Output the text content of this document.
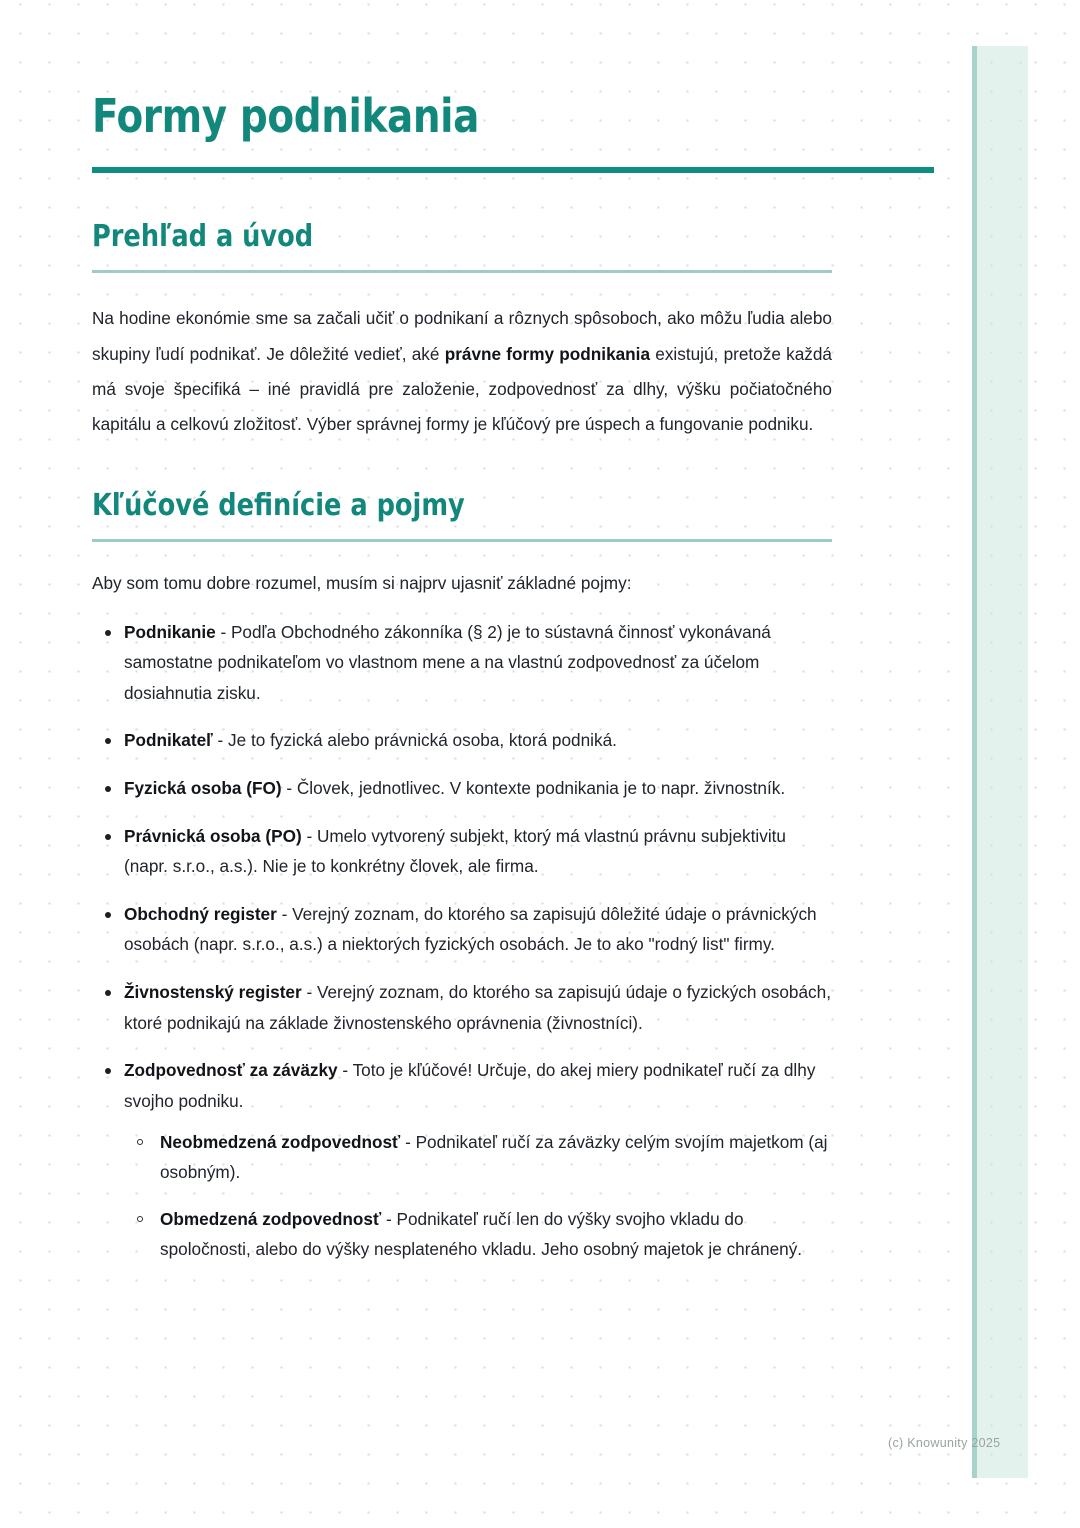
Formy podnikania
Prehľad a úvod

Na hodine ekonómie sme sa začali učiť o podnikaní a rôznych spôsoboch, ako môžu ľudia alebo skupiny ľudí podnikať. Je dôležité vedieť, aké právne formy podnikania existujú, pretože každá má svoje špecifiká – iné pravidlá pre založenie, zodpovednosť za dlhy, výšku počiatočného kapitálu a celkovú zložitosť. Výber správnej formy je kľúčový pre úspech a fungovanie podniku.

Kľúčové definície a pojmy

Aby som tomu dobre rozumel, musím si najprv ujasniť základné pojmy:

Podnikanie - Podľa Obchodného zákonníka (§ 2) je to sústavná činnosť vykonávaná samostatne podnikateľom vo vlastnom mene a na vlastnú zodpovednosť za účelom dosiahnutia zisku.
Podnikateľ - Je to fyzická alebo právnická osoba, ktorá podniká.
Fyzická osoba (FO) - Človek, jednotlivec. V kontexte podnikania je to napr. živnostník.
Právnická osoba (PO) - Umelo vytvorený subjekt, ktorý má vlastnú právnu subjektivitu (napr. s.r.o., a.s.). Nie je to konkrétny človek, ale firma.
Obchodný register - Verejný zoznam, do ktorého sa zapisujú dôležité údaje o právnických osobách (napr. s.r.o., a.s.) a niektorých fyzických osobách. Je to ako "rodný list" firmy.
Živnostenský register - Verejný zoznam, do ktorého sa zapisujú údaje o fyzických osobách, ktoré podnikajú na základe živnostenského oprávnenia (živnostníci).
Zodpovednosť za záväzky - Toto je kľúčové! Určuje, do akej miery podnikateľ ručí za dlhy svojho podniku.
Neobmedzená zodpovednosť - Podnikateľ ručí za záväzky celým svojím majetkom (aj osobným).
Obmedzená zodpovednosť - Podnikateľ ručí len do výšky svojho vkladu do spoločnosti, alebo do výšky nesplateného vkladu. Jeho osobný majetok je chránený.
(c) Knowunity 2025
